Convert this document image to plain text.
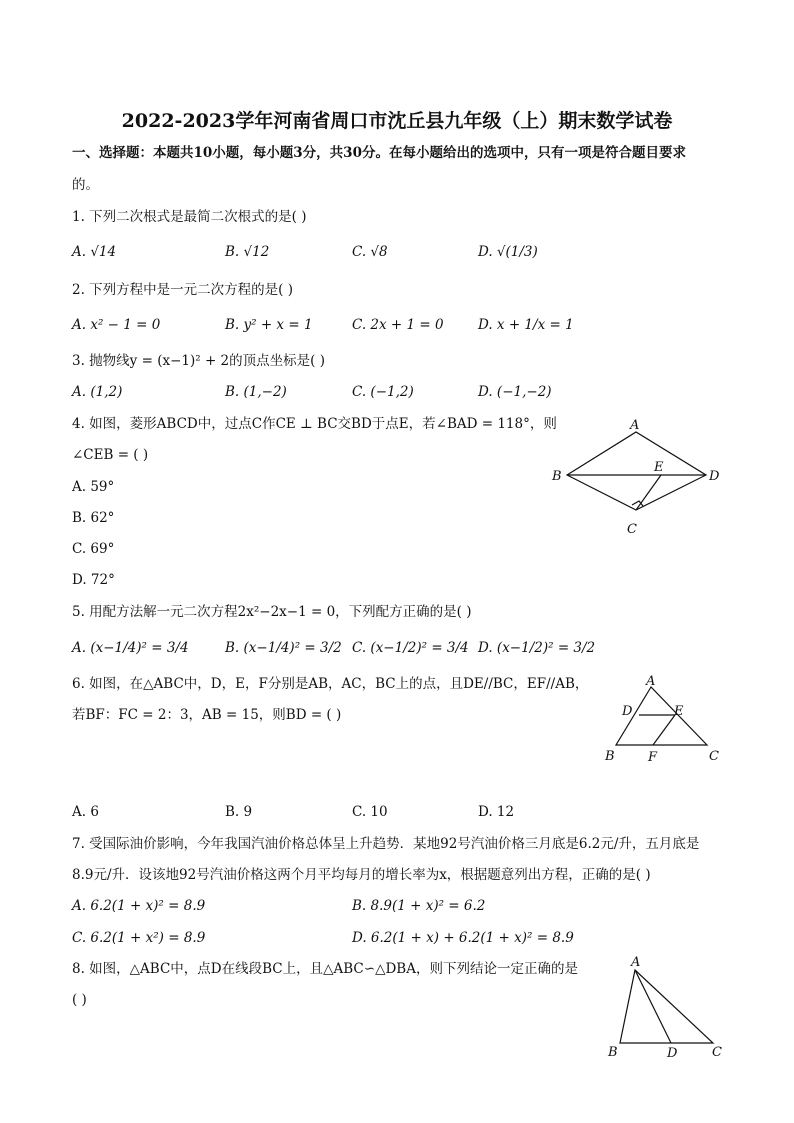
2022-2023学年河南省周口市沈丘县九年级（上）期末数学试卷
一、选择题：本题共10小题，每小题3分，共30分。在每小题给出的选项中，只有一项是符合题目要求
的。
1. 下列二次根式是最简二次根式的是( )
A. √14	B. √12	C. √8	D. √(1/3)
2. 下列方程中是一元二次方程的是( )
A. x² − 1 = 0	B. y² + x = 1	C. 2x + 1 = 0	D. x + 1/x = 1
3. 抛物线y = (x−1)² + 2的顶点坐标是( )
A. (1,2)	B. (1,−2)	C. (−1,2)	D. (−1,−2)
4. 如图，菱形ABCD中，过点C作CE ⊥ BC交BD于点E，若∠BAD = 118°，则
∠CEB = ( )
A. 59°
B. 62°
C. 69°
D. 72°
A
B
C
D
E
5. 用配方法解一元二次方程2x²−2x−1 = 0，下列配方正确的是( )
A. (x−1/4)² = 3/4	B. (x−1/4)² = 3/2 C. (x−1/2)² = 3/4 D. (x−1/2)² = 3/2
6. 如图，在△ABC中，D，E，F分别是AB，AC，BC上的点，且DE//BC，EF//AB，
若BF：FC = 2：3，AB = 15，则BD = ( )
A. 6	B. 9	C. 10	D. 12
A
D	E
B	F	C
7. 受国际油价影响，今年我国汽油价格总体呈上升趋势．某地92号汽油价格三月底是6.2元/升，五月底是
8.9元/升．设该地92号汽油价格这两个月平均每月的增长率为x，根据题意列出方程，正确的是( )
A. 6.2(1 + x)² = 8.9	B. 8.9(1 + x)² = 6.2
C. 6.2(1 + x²) = 8.9	D. 6.2(1 + x) + 6.2(1 + x)² = 8.9
8. 如图，△ABC中，点D在线段BC上，且△ABC∽△DBA，则下列结论一定正确的是
( )
A
B	D	C
